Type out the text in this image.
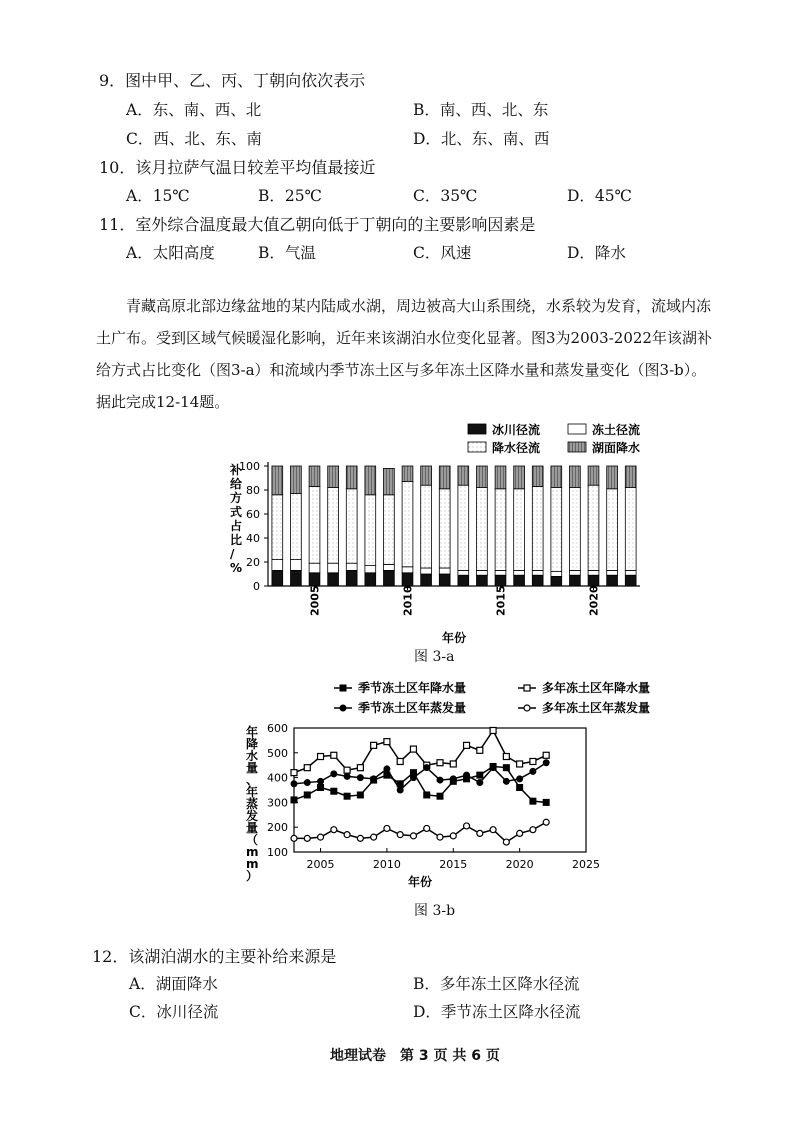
9．图中甲、乙、丙、丁朝向依次表示
A．东、南、西、北	B．南、西、北、东
C．西、北、东、南	D．北、东、南、西
10．该月拉萨气温日较差平均值最接近
A．15℃	B．25℃	C．35℃	D．45℃
11．室外综合温度最大值乙朝向低于丁朝向的主要影响因素是
A．太阳高度	B．气温	C．风速	D．降水

青藏高原北部边缘盆地的某内陆咸水湖，周边被高大山系围绕，水系较为发育，流域内冻土广布。受到区域气候暖湿化影响，近年来该湖泊水位变化显著。图3为2003-2022年该湖补给方式占比变化（图3-a）和流域内季节冻土区与多年冻土区降水量和蒸发量变化（图3-b）。据此完成12-14题。

0
20
40
60
80
100
2005	2010	2015	2020
补给方式占比/ %
年份
冰川径流	冻土径流
降水径流	湖面降水
图 3-a
100
200
300
400
500
600
2005	2010	2015	2020	2025
年份
年降水量、年蒸发量（ m m ）
季节冻土区年降水量	多年冻土区年降水量
季节冻土区年蒸发量	多年冻土区年蒸发量
图 3-b
12．该湖泊湖水的主要补给来源是
A．湖面降水	B．多年冻土区降水径流
C．冰川径流	D．季节冻土区降水径流
地理试卷　第 3 页 共 6 页
